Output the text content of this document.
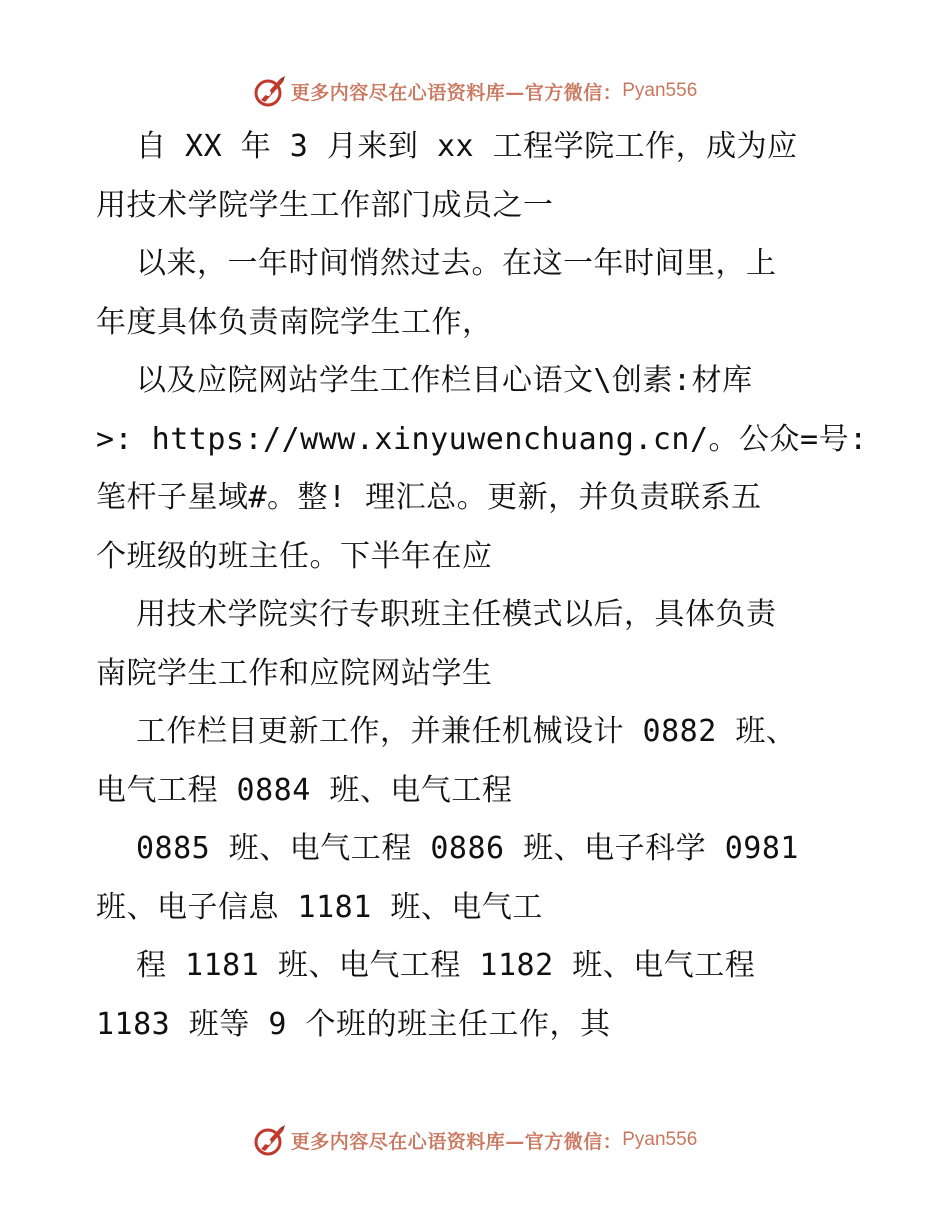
更多内容尽在心语资料库—官方微信： Pyan556
自 XX 年 3 月来到 xx 工程学院工作，成为应
用技术学院学生工作部门成员之一
以来，一年时间悄然过去。在这一年时间里，上
年度具体负责南院学生工作，
以及应院网站学生工作栏目心语文\创素:材库
>: https://www.xinyuwenchuang.cn/。公众=号:
笔杆子星域#。整! 理汇总。更新，并负责联系五
个班级的班主任。下半年在应
用技术学院实行专职班主任模式以后，具体负责
南院学生工作和应院网站学生
工作栏目更新工作，并兼任机械设计 0882 班、
电气工程 0884 班、电气工程
0885 班、电气工程 0886 班、电子科学 0981
班、电子信息 1181 班、电气工
程 1181 班、电气工程 1182 班、电气工程
1183 班等 9 个班的班主任工作，其
更多内容尽在心语资料库—官方微信： Pyan556
